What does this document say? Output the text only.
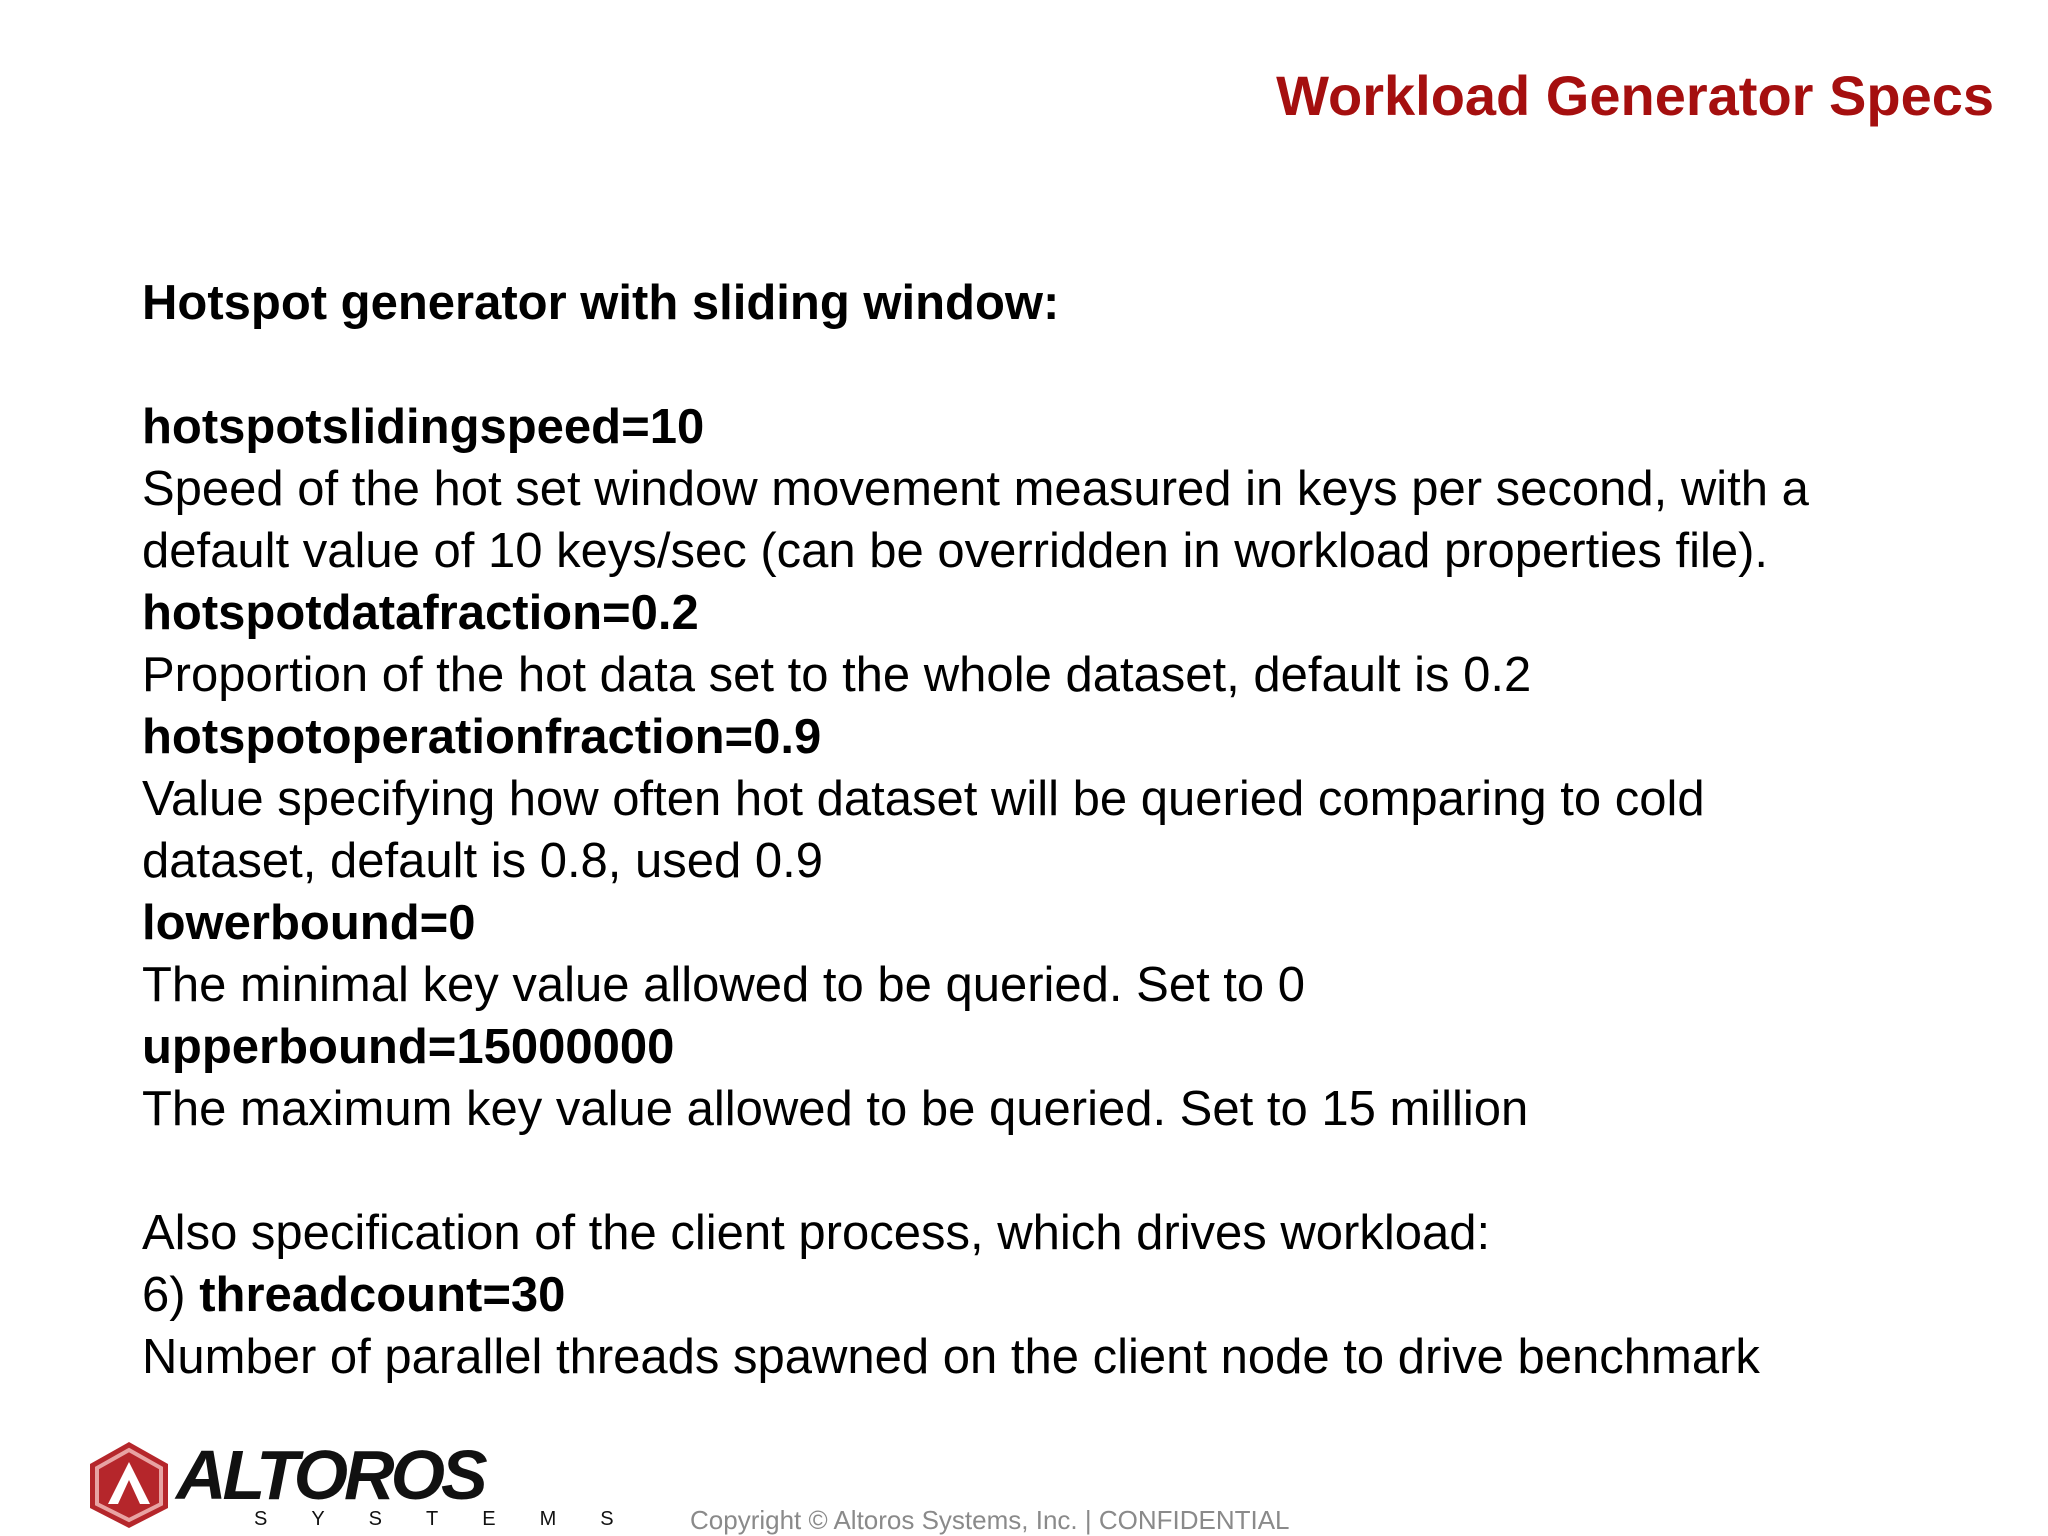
Workload Generator Specs
Hotspot generator with sliding window:
hotspotslidingspeed=10
Speed of the hot set window movement measured in keys per second, with a
default value of 10 keys/sec (can be overridden in workload properties file).
hotspotdatafraction=0.2
Proportion of the hot data set to the whole dataset, default is 0.2
hotspotoperationfraction=0.9
Value specifying how often hot dataset will be queried comparing to cold
dataset, default is 0.8, used 0.9
lowerbound=0
The minimal key value allowed to be queried. Set to 0
upperbound=15000000
The maximum key value allowed to be queried. Set to 15 million
Also specification of the client process, which drives workload:
6) threadcount=30
Number of parallel threads spawned on the client node to drive benchmark
ALTOROS
SYSTEMS Copyright © Altoros Systems, Inc. | CONFIDENTIAL
